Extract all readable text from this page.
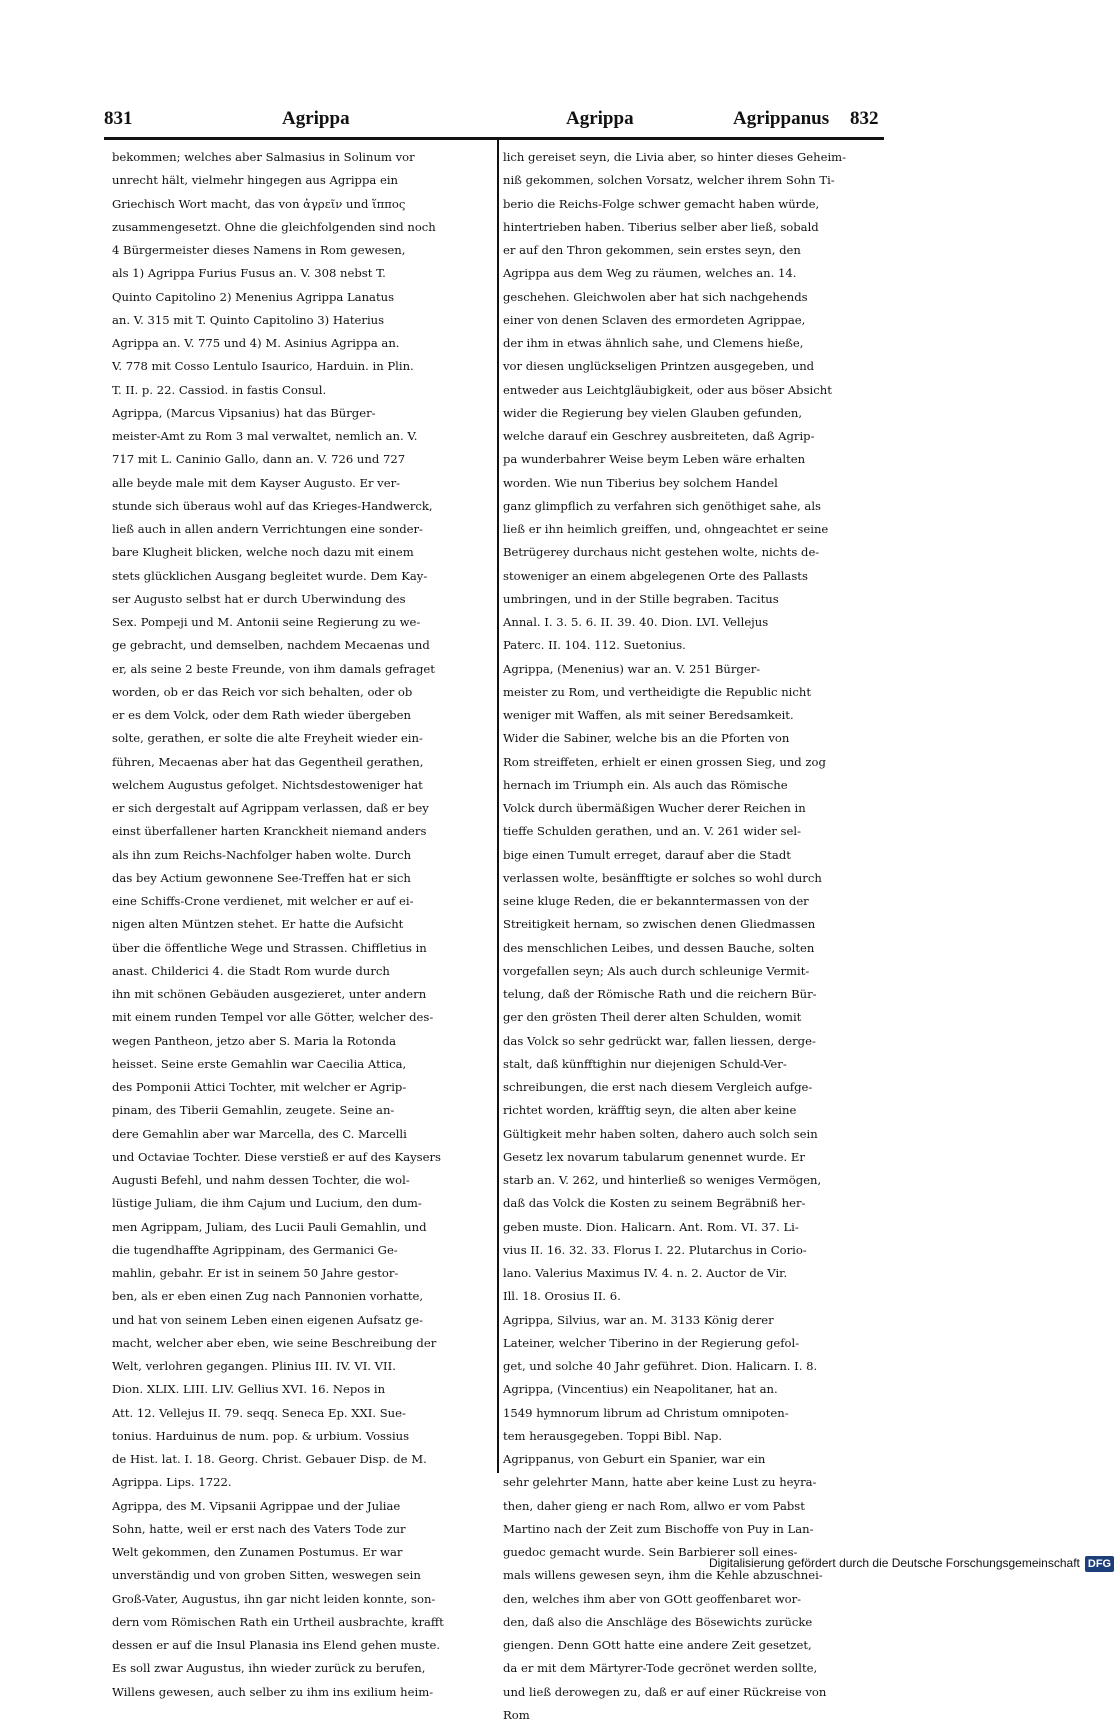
831	Agrippa	Agrippa	Agrippanus 832
bekommen; welches aber Salmasius in Solinum vor
unrecht hält, vielmehr hingegen aus Agrippa ein
Griechisch Wort macht, das von ἀγρεῖν und ἵππος
zusammengesetzt. Ohne die gleichfolgenden sind noch
4 Bürgermeister dieses Namens in Rom gewesen,
als 1) Agrippa Furius Fusus an. V. 308 nebst T.
Quinto Capitolino 2) Menenius Agrippa Lanatus
an. V. 315 mit T. Quinto Capitolino 3) Haterius
Agrippa an. V. 775 und 4) M. Asinius Agrippa an.
V. 778 mit Cosso Lentulo Isaurico, Harduin. in Plin.
T. II. p. 22. Cassiod. in fastis Consul.
Agrippa, (Marcus Vipsanius) hat das Bürger-
meister-Amt zu Rom 3 mal verwaltet, nemlich an. V.
717 mit L. Caninio Gallo, dann an. V. 726 und 727
alle beyde male mit dem Kayser Augusto. Er ver-
stunde sich überaus wohl auf das Krieges-Handwerck,
ließ auch in allen andern Verrichtungen eine sonder-
bare Klugheit blicken, welche noch dazu mit einem
stets glücklichen Ausgang begleitet wurde. Dem Kay-
ser Augusto selbst hat er durch Uberwindung des
Sex. Pompeji und M. Antonii seine Regierung zu we-
ge gebracht, und demselben, nachdem Mecaenas und
er, als seine 2 beste Freunde, von ihm damals gefraget
worden, ob er das Reich vor sich behalten, oder ob
er es dem Volck, oder dem Rath wieder übergeben
solte, gerathen, er solte die alte Freyheit wieder ein-
führen, Mecaenas aber hat das Gegentheil gerathen,
welchem Augustus gefolget. Nichtsdestoweniger hat
er sich dergestalt auf Agrippam verlassen, daß er bey
einst überfallener harten Kranckheit niemand anders
als ihn zum Reichs-Nachfolger haben wolte. Durch
das bey Actium gewonnene See-Treffen hat er sich
eine Schiffs-Crone verdienet, mit welcher er auf ei-
nigen alten Müntzen stehet. Er hatte die Aufsicht
über die öffentliche Wege und Strassen. Chiffletius in
anast. Childerici 4. die Stadt Rom wurde durch
ihn mit schönen Gebäuden ausgezieret, unter andern
mit einem runden Tempel vor alle Götter, welcher des-
wegen Pantheon, jetzo aber S. Maria la Rotonda
heisset. Seine erste Gemahlin war Caecilia Attica,
des Pomponii Attici Tochter, mit welcher er Agrip-
pinam, des Tiberii Gemahlin, zeugete. Seine an-
dere Gemahlin aber war Marcella, des C. Marcelli
und Octaviae Tochter. Diese verstieß er auf des Kaysers
Augusti Befehl, und nahm dessen Tochter, die wol-
lüstige Juliam, die ihm Cajum und Lucium, den dum-
men Agrippam, Juliam, des Lucii Pauli Gemahlin, und
die tugendhaffte Agrippinam, des Germanici Ge-
mahlin, gebahr. Er ist in seinem 50 Jahre gestor-
ben, als er eben einen Zug nach Pannonien vorhatte,
und hat von seinem Leben einen eigenen Aufsatz ge-
macht, welcher aber eben, wie seine Beschreibung der
Welt, verlohren gegangen. Plinius III. IV. VI. VII.
Dion. XLIX. LIII. LIV. Gellius XVI. 16. Nepos in
Att. 12. Vellejus II. 79. seqq. Seneca Ep. XXI. Sue-
tonius. Harduinus de num. pop. & urbium. Vossius
de Hist. lat. I. 18. Georg. Christ. Gebauer Disp. de M.
Agrippa. Lips. 1722.
Agrippa, des M. Vipsanii Agrippae und der Juliae
Sohn, hatte, weil er erst nach des Vaters Tode zur
Welt gekommen, den Zunamen Postumus. Er war
unverständig und von groben Sitten, weswegen sein
Groß-Vater, Augustus, ihn gar nicht leiden konnte, son-
dern vom Römischen Rath ein Urtheil ausbrachte, krafft
dessen er auf die Insul Planasia ins Elend gehen muste.
Es soll zwar Augustus, ihn wieder zurück zu berufen,
Willens gewesen, auch selber zu ihm ins exilium heim-
lich gereiset seyn, die Livia aber, so hinter dieses Geheim-
niß gekommen, solchen Vorsatz, welcher ihrem Sohn Ti-
berio die Reichs-Folge schwer gemacht haben würde,
hintertrieben haben. Tiberius selber aber ließ, sobald
er auf den Thron gekommen, sein erstes seyn, den
Agrippa aus dem Weg zu räumen, welches an. 14.
geschehen. Gleichwolen aber hat sich nachgehends
einer von denen Sclaven des ermordeten Agrippae,
der ihm in etwas ähnlich sahe, und Clemens hieße,
vor diesen unglückseligen Printzen ausgegeben, und
entweder aus Leichtgläubigkeit, oder aus böser Absicht
wider die Regierung bey vielen Glauben gefunden,
welche darauf ein Geschrey ausbreiteten, daß Agrip-
pa wunderbahrer Weise beym Leben wäre erhalten
worden. Wie nun Tiberius bey solchem Handel
ganz glimpflich zu verfahren sich genöthiget sahe, als
ließ er ihn heimlich greiffen, und, ohngeachtet er seine
Betrügerey durchaus nicht gestehen wolte, nichts de-
stoweniger an einem abgelegenen Orte des Pallasts
umbringen, und in der Stille begraben. Tacitus
Annal. I. 3. 5. 6. II. 39. 40. Dion. LVI. Vellejus
Paterc. II. 104. 112. Suetonius.
Agrippa, (Menenius) war an. V. 251 Bürger-
meister zu Rom, und vertheidigte die Republic nicht
weniger mit Waffen, als mit seiner Beredsamkeit.
Wider die Sabiner, welche bis an die Pforten von
Rom streiffeten, erhielt er einen grossen Sieg, und zog
hernach im Triumph ein. Als auch das Römische
Volck durch übermäßigen Wucher derer Reichen in
tieffe Schulden gerathen, und an. V. 261 wider sel-
bige einen Tumult erreget, darauf aber die Stadt
verlassen wolte, besänfftigte er solches so wohl durch
seine kluge Reden, die er bekanntermassen von der
Streitigkeit hernam, so zwischen denen Gliedmassen
des menschlichen Leibes, und dessen Bauche, solten
vorgefallen seyn; Als auch durch schleunige Vermit-
telung, daß der Römische Rath und die reichern Bür-
ger den grösten Theil derer alten Schulden, womit
das Volck so sehr gedrückt war, fallen liessen, derge-
stalt, daß künfftighin nur diejenigen Schuld-Ver-
schreibungen, die erst nach diesem Vergleich aufge-
richtet worden, kräfftig seyn, die alten aber keine
Gültigkeit mehr haben solten, dahero auch solch sein
Gesetz lex novarum tabularum genennet wurde. Er
starb an. V. 262, und hinterließ so weniges Vermögen,
daß das Volck die Kosten zu seinem Begräbniß her-
geben muste. Dion. Halicarn. Ant. Rom. VI. 37. Li-
vius II. 16. 32. 33. Florus I. 22. Plutarchus in Corio-
lano. Valerius Maximus IV. 4. n. 2. Auctor de Vir.
Ill. 18. Orosius II. 6.
Agrippa, Silvius, war an. M. 3133 König derer
Lateiner, welcher Tiberino in der Regierung gefol-
get, und solche 40 Jahr geführet. Dion. Halicarn. I. 8.
Agrippa, (Vincentius) ein Neapolitaner, hat an.
1549 hymnorum librum ad Christum omnipoten-
tem herausgegeben. Toppi Bibl. Nap.
Agrippanus, von Geburt ein Spanier, war ein
sehr gelehrter Mann, hatte aber keine Lust zu heyra-
then, daher gieng er nach Rom, allwo er vom Pabst
Martino nach der Zeit zum Bischoffe von Puy in Lan-
guedoc gemacht wurde. Sein Barbierer soll eines-
mals willens gewesen seyn, ihm die Kehle abzuschnei-
den, welches ihm aber von GOtt geoffenbaret wor-
den, daß also die Anschläge des Bösewichts zurücke
giengen. Denn GOtt hatte eine andere Zeit gesetzet,
da er mit dem Märtyrer-Tode gecrönet werden sollte,
und ließ derowegen zu, daß er auf einer Rückreise von
Rom
Digitalisierung gefördert durch die Deutsche Forschungsgemeinschaft DFG
